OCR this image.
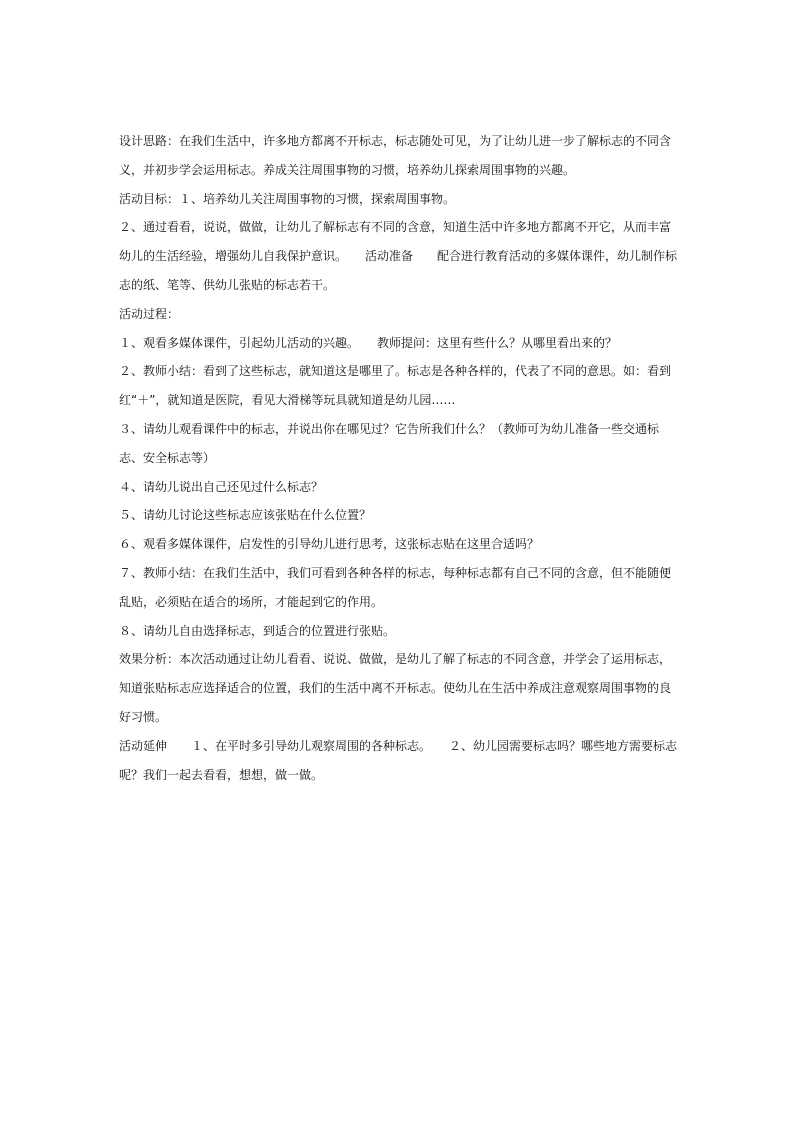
设计思路：在我们生活中，许多地方都离不开标志，标志随处可见，为了让幼儿进一步了解标志的不同含义，并初步学会运用标志。养成关注周围事物的习惯，培养幼儿探索周围事物的兴趣。

活动目标：１、培养幼儿关注周围事物的习惯，探索周围事物。

２、通过看看，说说，做做，让幼儿了解标志有不同的含意，知道生活中许多地方都离不开它，从而丰富幼儿的生活经验，增强幼儿自我保护意识。　　活动准备　　配合进行教育活动的多媒体课件，幼儿制作标志的纸、笔等、供幼儿张贴的标志若干。

活动过程：

１、观看多媒体课件，引起幼儿活动的兴趣。　　教师提问：这里有些什么？从哪里看出来的？

２、教师小结：看到了这些标志，就知道这是哪里了。标志是各种各样的，代表了不同的意思。如：看到红“＋”，就知道是医院，看见大滑梯等玩具就知道是幼儿园……

３、请幼儿观看课件中的标志，并说出你在哪见过？它告所我们什么？（教师可为幼儿准备一些交通标志、安全标志等）

４、请幼儿说出自己还见过什么标志？

５、请幼儿讨论这些标志应该张贴在什么位置？

６、观看多媒体课件，启发性的引导幼儿进行思考，这张标志贴在这里合适吗？

７、教师小结：在我们生活中，我们可看到各种各样的标志，每种标志都有自己不同的含意，但不能随便乱贴，必须贴在适合的场所，才能起到它的作用。

８、请幼儿自由选择标志，到适合的位置进行张贴。

效果分析：本次活动通过让幼儿看看、说说、做做，是幼儿了解了标志的不同含意，并学会了运用标志，知道张贴标志应选择适合的位置，我们的生活中离不开标志。使幼儿在生活中养成注意观察周围事物的良好习惯。

活动延伸　　１、在平时多引导幼儿观察周围的各种标志。　　２、幼儿园需要标志吗？哪些地方需要标志呢？我们一起去看看，想想，做一做。
